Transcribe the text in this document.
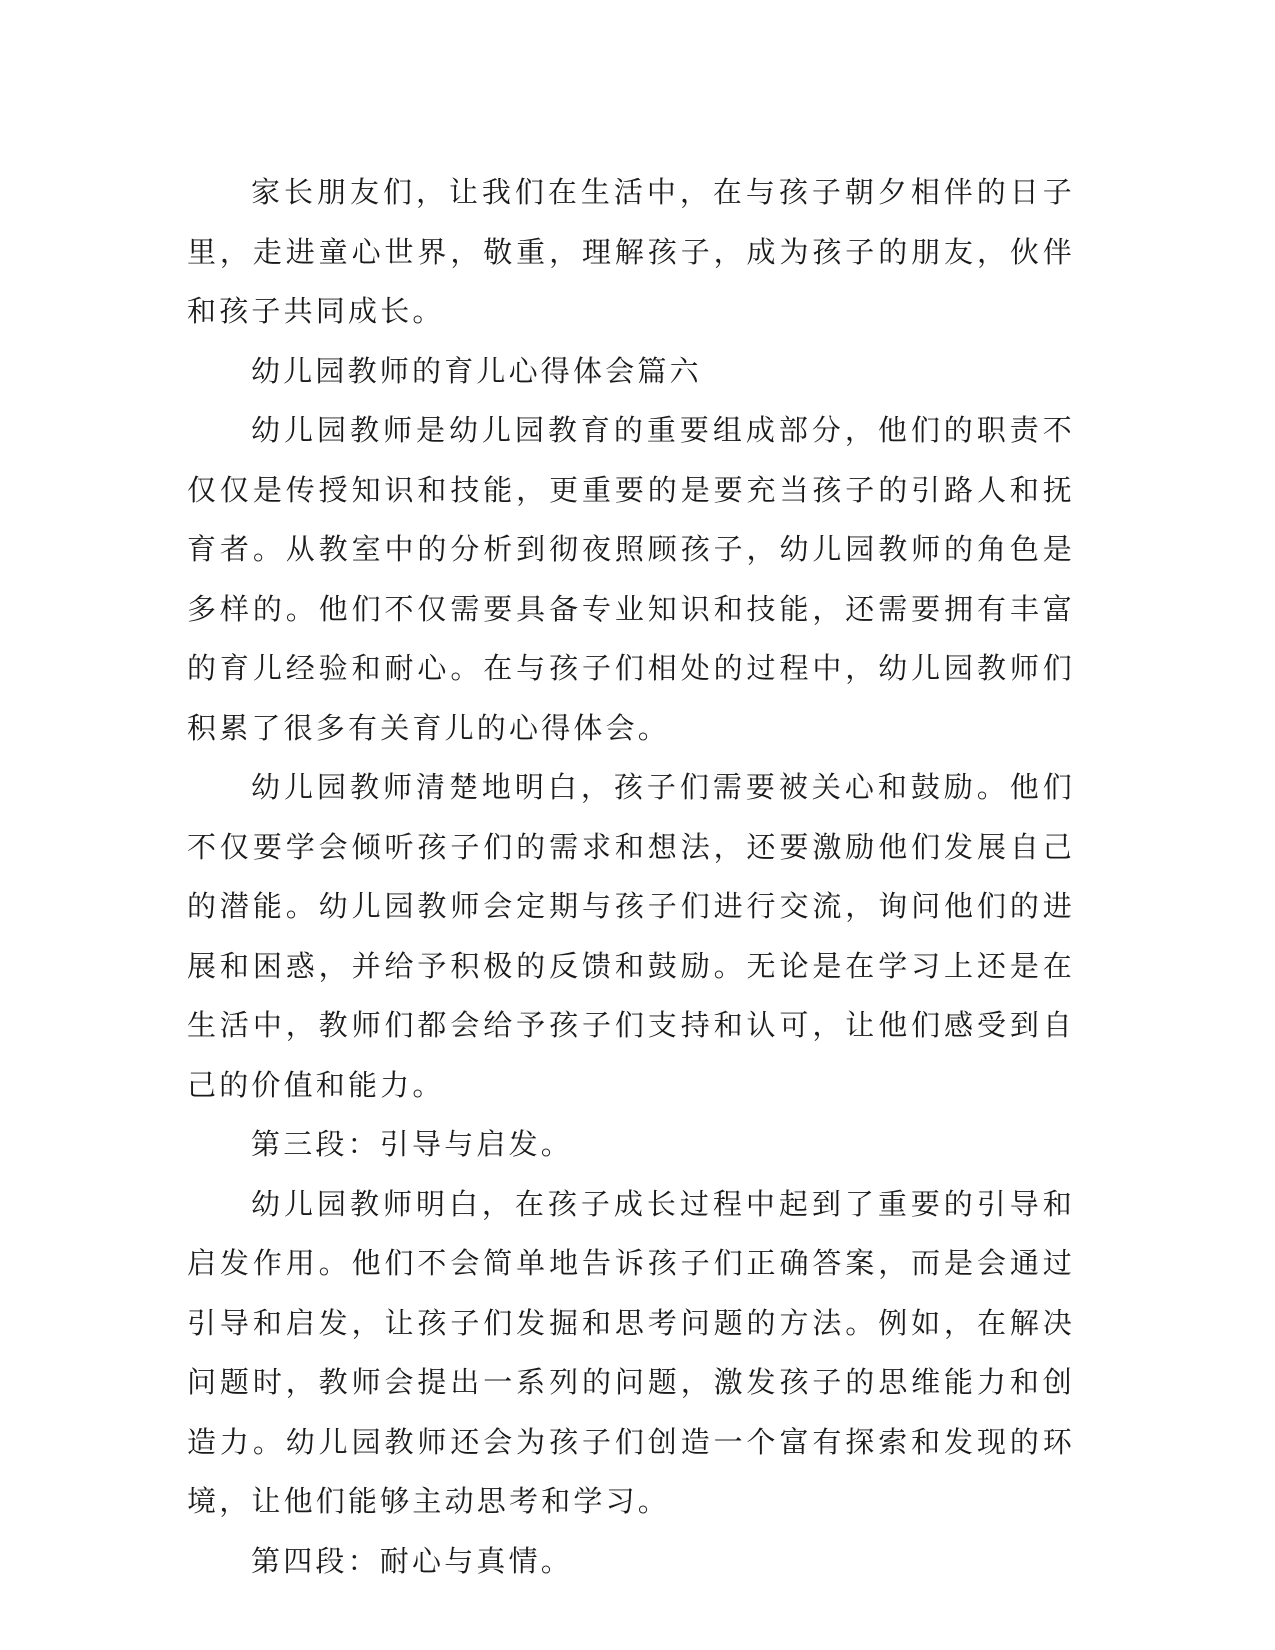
家长朋友们，让我们在生活中，在与孩子朝夕相伴的日子里，走进童心世界，敬重，理解孩子，成为孩子的朋友，伙伴和孩子共同成长。

幼儿园教师的育儿心得体会篇六

幼儿园教师是幼儿园教育的重要组成部分，他们的职责不仅仅是传授知识和技能，更重要的是要充当孩子的引路人和抚育者。从教室中的分析到彻夜照顾孩子，幼儿园教师的角色是多样的。他们不仅需要具备专业知识和技能，还需要拥有丰富的育儿经验和耐心。在与孩子们相处的过程中，幼儿园教师们积累了很多有关育儿的心得体会。

幼儿园教师清楚地明白，孩子们需要被关心和鼓励。他们不仅要学会倾听孩子们的需求和想法，还要激励他们发展自己的潜能。幼儿园教师会定期与孩子们进行交流，询问他们的进展和困惑，并给予积极的反馈和鼓励。无论是在学习上还是在生活中，教师们都会给予孩子们支持和认可，让他们感受到自己的价值和能力。

第三段：引导与启发。

幼儿园教师明白，在孩子成长过程中起到了重要的引导和启发作用。他们不会简单地告诉孩子们正确答案，而是会通过引导和启发，让孩子们发掘和思考问题的方法。例如，在解决问题时，教师会提出一系列的问题，激发孩子的思维能力和创造力。幼儿园教师还会为孩子们创造一个富有探索和发现的环境，让他们能够主动思考和学习。

第四段：耐心与真情。
